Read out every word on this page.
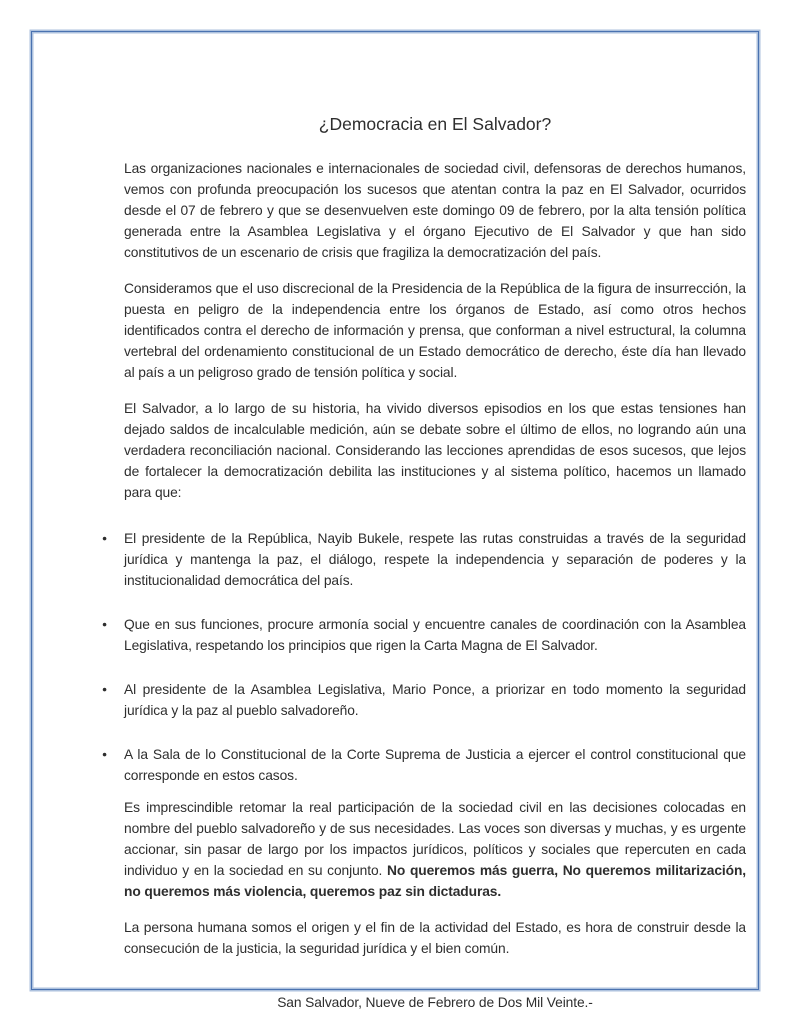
¿Democracia en El Salvador?

Las organizaciones nacionales e internacionales de sociedad civil, defensoras de derechos humanos, vemos con profunda preocupación los sucesos que atentan contra la paz en El Salvador, ocurridos desde el 07 de febrero y que se desenvuelven este domingo 09 de febrero, por la alta tensión política generada entre la Asamblea Legislativa y el órgano Ejecutivo de El Salvador y que han sido constitutivos de un escenario de crisis que fragiliza la democratización del país.

Consideramos que el uso discrecional de la Presidencia de la República de la figura de insurrección, la puesta en peligro de la independencia entre los órganos de Estado, así como otros hechos identificados contra el derecho de información y prensa, que conforman a nivel estructural, la columna vertebral del ordenamiento constitucional de un Estado democrático de derecho, éste día han llevado al país a un peligroso grado de tensión política y social.

El Salvador, a lo largo de su historia, ha vivido diversos episodios en los que estas tensiones han dejado saldos de incalculable medición, aún se debate sobre el último de ellos, no logrando aún una verdadera reconciliación nacional. Considerando las lecciones aprendidas de esos sucesos, que lejos de fortalecer la democratización debilita las instituciones y al sistema político, hacemos un llamado para que:

●	El presidente de la República, Nayib Bukele, respete las rutas construidas a través de la seguridad jurídica y mantenga la paz, el diálogo, respete la independencia y separación de poderes y la institucionalidad democrática del país.
●	Que en sus funciones, procure armonía social y encuentre canales de coordinación con la Asamblea Legislativa, respetando los principios que rigen la Carta Magna de El Salvador.
●	Al presidente de la Asamblea Legislativa, Mario Ponce, a priorizar en todo momento la seguridad jurídica y la paz al pueblo salvadoreño.
●	A la Sala de lo Constitucional de la Corte Suprema de Justicia a ejercer el control constitucional que corresponde en estos casos.

Es imprescindible retomar la real participación de la sociedad civil en las decisiones colocadas en nombre del pueblo salvadoreño y de sus necesidades. Las voces son diversas y muchas, y es urgente accionar, sin pasar de largo por los impactos jurídicos, políticos y sociales que repercuten en cada individuo y en la sociedad en su conjunto. No queremos más guerra, No queremos militarización, no queremos más violencia, queremos paz sin dictaduras.

La persona humana somos el origen y el fin de la actividad del Estado, es hora de construir desde la consecución de la justicia, la seguridad jurídica y el bien común.

San Salvador, Nueve de Febrero de Dos Mil Veinte.-
